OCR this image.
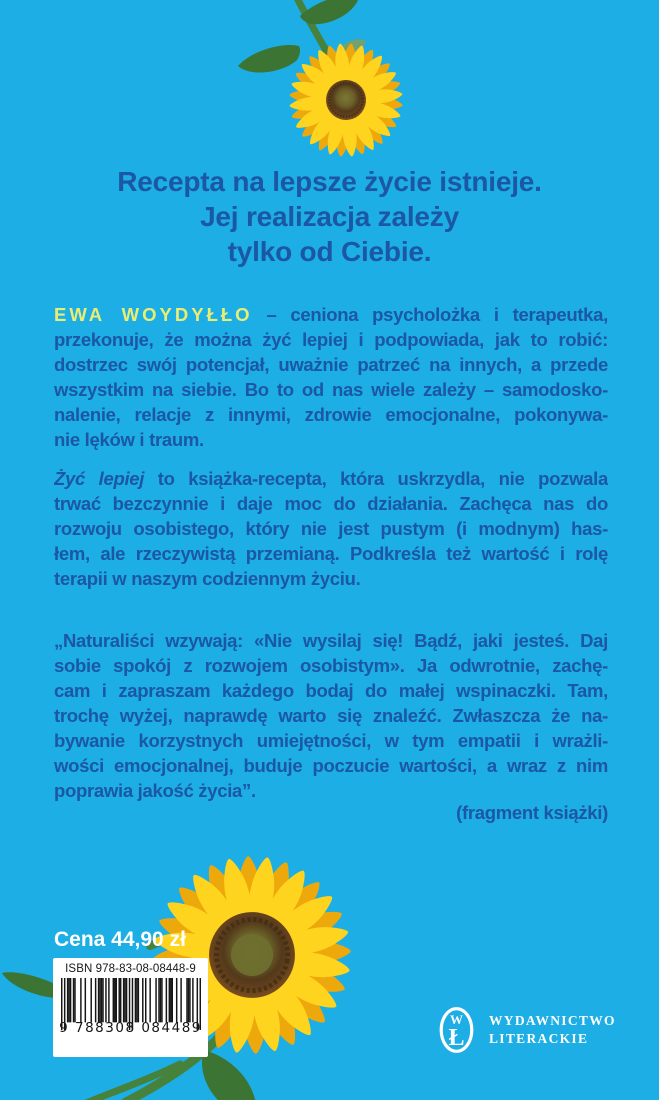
Recepta na lepsze życie istnieje.
Jej realizacja zależy
tylko od Ciebie.
EWA WOYDYŁŁO – ceniona psycholożka i terapeutka,
przekonuje, że można żyć lepiej i podpowiada, jak to robić:
dostrzec swój potencjał, uważnie patrzeć na innych, a przede
wszystkim na siebie. Bo to od nas wiele zależy – samodosko-
nalenie, relacje z innymi, zdrowie emocjonalne, pokonywa-
nie lęków i traum.
Żyć lepiej to książka-recepta, która uskrzydla, nie pozwala
trwać bezczynnie i daje moc do działania. Zachęca nas do
rozwoju osobistego, który nie jest pustym (i modnym) has-
łem, ale rzeczywistą przemianą. Podkreśla też wartość i rolę
terapii w naszym codziennym życiu.
„Naturaliści wzywają: «Nie wysilaj się! Bądź, jaki jesteś. Daj
sobie spokój z rozwojem osobistym». Ja odwrotnie, zachę-
cam i zapraszam każdego bodaj do małej wspinaczki. Tam,
trochę wyżej, naprawdę warto się znaleźć. Zwłaszcza że na-
bywanie korzystnych umiejętności, w tym empatii i wrażli-
wości emocjonalnej, buduje poczucie wartości, a wraz z nim
poprawia jakość życia”.
(fragment książki)
Cena 44,90 zł
ISBN 978-83-08-08448-9
9 788308 084489
W
Ł
WYDAWNICTWO
LITERACKIE
